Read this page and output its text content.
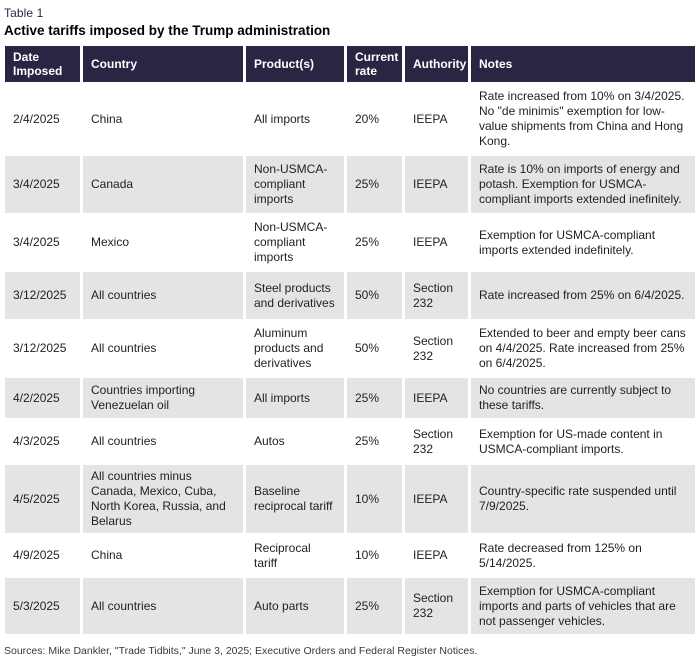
Table 1
Active tariffs imposed by the Trump administration
Date Imposed	Country	Product(s)	Current rate	Authority	Notes
2/4/2025	China	All imports	20%	IEEPA	Rate increased from 10% on 3/4/2025. No "de minimis" exemption for low-value shipments from China and Hong Kong.
3/4/2025	Canada	Non-USMCA-compliant imports	25%	IEEPA	Rate is 10% on imports of energy and potash. Exemption for USMCA-compliant imports extended inefinitely.
3/4/2025	Mexico	Non-USMCA-compliant imports	25%	IEEPA	Exemption for USMCA-compliant imports extended indefinitely.
3/12/2025	All countries	Steel products and derivatives	50%	Section 232	Rate increased from 25% on 6/4/2025.
3/12/2025	All countries	Aluminum products and derivatives	50%	Section 232	Extended to beer and empty beer cans on 4/4/2025. Rate increased from 25% on 6/4/2025.
4/2/2025	Countries importing Venezuelan oil	All imports	25%	IEEPA	No countries are currently subject to these tariffs.
4/3/2025	All countries	Autos	25%	Section 232	Exemption for US-made content in USMCA-compliant imports.
4/5/2025	All countries minus Canada, Mexico, Cuba, North Korea, Russia, and Belarus	Baseline reciprocal tariff	10%	IEEPA	Country-specific rate suspended until 7/9/2025.
4/9/2025	China	Reciprocal tariff	10%	IEEPA	Rate decreased from 125% on 5/14/2025.
5/3/2025	All countries	Auto parts	25%	Section 232	Exemption for USMCA-compliant imports and parts of vehicles that are not passenger vehicles.
Sources: Mike Dankler, "Trade Tidbits," June 3, 2025; Executive Orders and Federal Register Notices.
